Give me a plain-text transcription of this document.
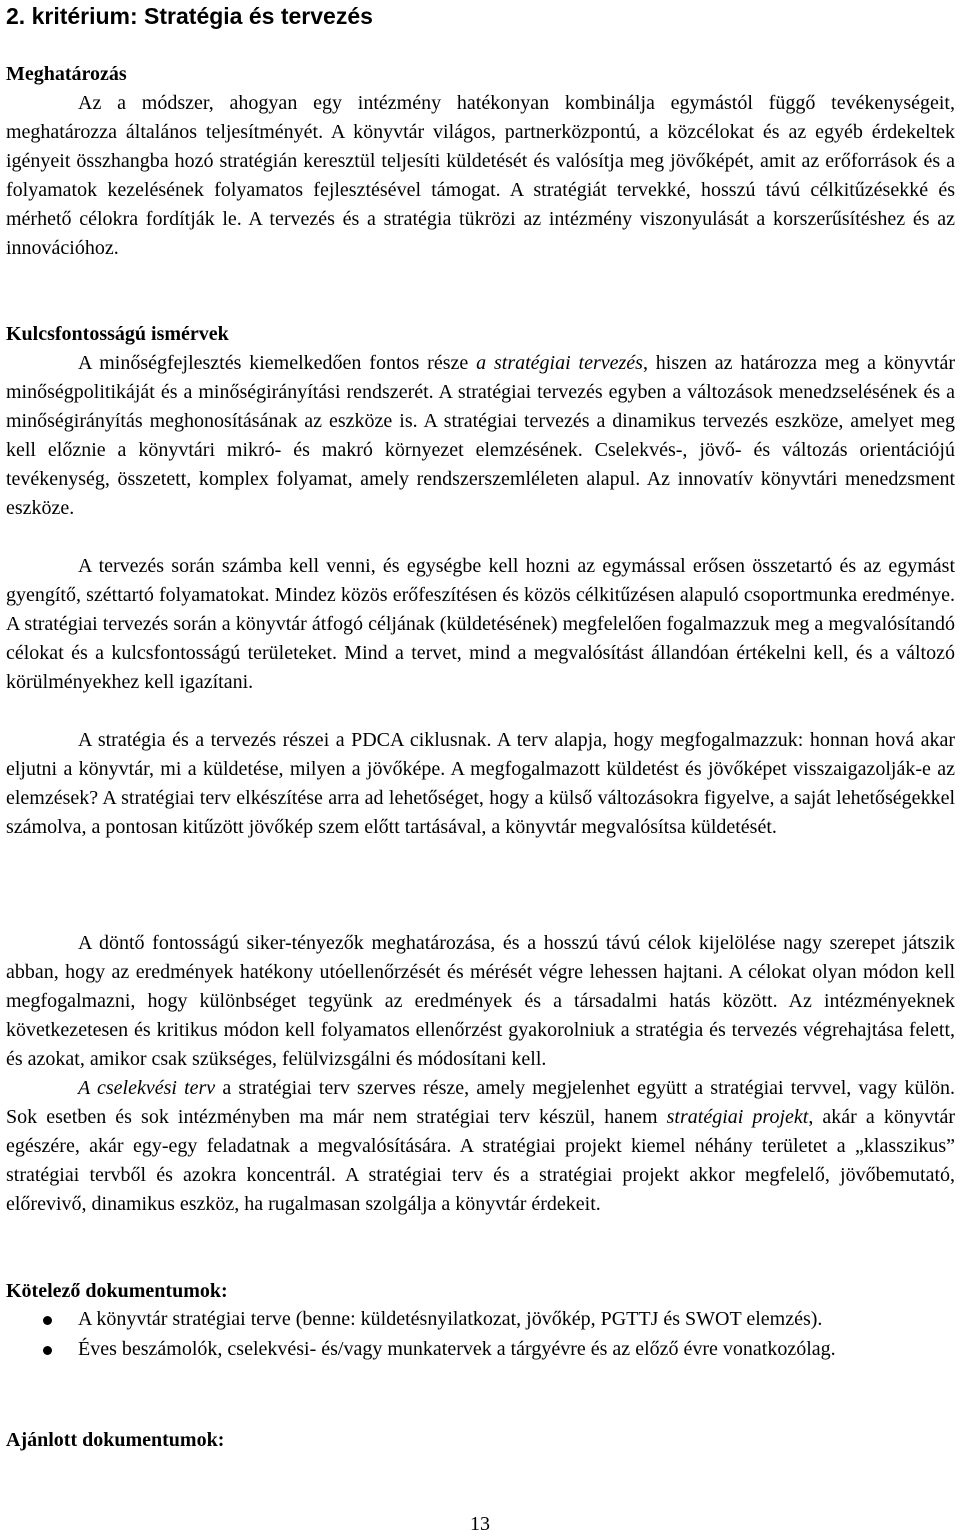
2. kritérium: Stratégia és tervezés
Meghatározás

Az a módszer, ahogyan egy intézmény hatékonyan kombinálja egymástól függő tevékenységeit, meghatározza általános teljesítményét. A könyvtár világos, partnerközpontú, a közcélokat és az egyéb érdekeltek igényeit összhangba hozó stratégián keresztül teljesíti küldetését és valósítja meg jövőképét, amit az erőforrások és a folyamatok kezelésének folyamatos fejlesztésével támogat. A stratégiát tervekké, hosszú távú célkitűzésekké és mérhető célokra fordítják le. A tervezés és a stratégia tükrözi az intézmény viszonyulását a korszerűsítéshez és az innovációhoz.

Kulcsfontosságú ismérvek

A minőségfejlesztés kiemelkedően fontos része a stratégiai tervezés, hiszen az határozza meg a könyvtár minőségpolitikáját és a minőségirányítási rendszerét. A stratégiai tervezés egyben a változások menedzselésének és a minőségirányítás meghonosításának az eszköze is. A stratégiai tervezés a dinamikus tervezés eszköze, amelyet meg kell előznie a könyvtári mikró- és makró környezet elemzésének. Cselekvés-, jövő- és változás orientációjú tevékenység, összetett, komplex folyamat, amely rendszerszemléleten alapul. Az innovatív könyvtári menedzsment eszköze.

A tervezés során számba kell venni, és egységbe kell hozni az egymással erősen összetartó és az egymást gyengítő, széttartó folyamatokat. Mindez közös erőfeszítésen és közös célkitűzésen alapuló csoportmunka eredménye. A stratégiai tervezés során a könyvtár átfogó céljának (küldetésének) megfelelően fogalmazzuk meg a megvalósítandó célokat és a kulcsfontosságú területeket. Mind a tervet, mind a megvalósítást állandóan értékelni kell, és a változó körülményekhez kell igazítani.

A stratégia és a tervezés részei a PDCA ciklusnak. A terv alapja, hogy megfogalmazzuk: honnan hová akar eljutni a könyvtár, mi a küldetése, milyen a jövőképe. A megfogalmazott küldetést és jövőképet visszaigazolják-e az elemzések? A stratégiai terv elkészítése arra ad lehetőséget, hogy a külső változásokra figyelve, a saját lehetőségekkel számolva, a pontosan kitűzött jövőkép szem előtt tartásával, a könyvtár megvalósítsa küldetését.

A döntő fontosságú siker-tényezők meghatározása, és a hosszú távú célok kijelölése nagy szerepet játszik abban, hogy az eredmények hatékony utóellenőrzését és mérését végre lehessen hajtani. A célokat olyan módon kell megfogalmazni, hogy különbséget tegyünk az eredmények és a társadalmi hatás között. Az intézményeknek következetesen és kritikus módon kell folyamatos ellenőrzést gyakorolniuk a stratégia és tervezés végrehajtása felett, és azokat, amikor csak szükséges, felülvizsgálni és módosítani kell.

A cselekvési terv a stratégiai terv szerves része, amely megjelenhet együtt a stratégiai tervvel, vagy külön. Sok esetben és sok intézményben ma már nem stratégiai terv készül, hanem stratégiai projekt, akár a könyvtár egészére, akár egy-egy feladatnak a megvalósítására. A stratégiai projekt kiemel néhány területet a „klasszikus” stratégiai tervből és azokra koncentrál. A stratégiai terv és a stratégiai projekt akkor megfelelő, jövőbemutató, előrevivő, dinamikus eszköz, ha rugalmasan szolgálja a könyvtár érdekeit.

Kötelező dokumentumok:
A könyvtár stratégiai terve (benne: küldetésnyilatkozat, jövőkép, PGTTJ és SWOT elemzés).
Éves beszámolók, cselekvési- és/vagy munkatervek a tárgyévre és az előző évre vonatkozólag.
Ajánlott dokumentumok:
13
